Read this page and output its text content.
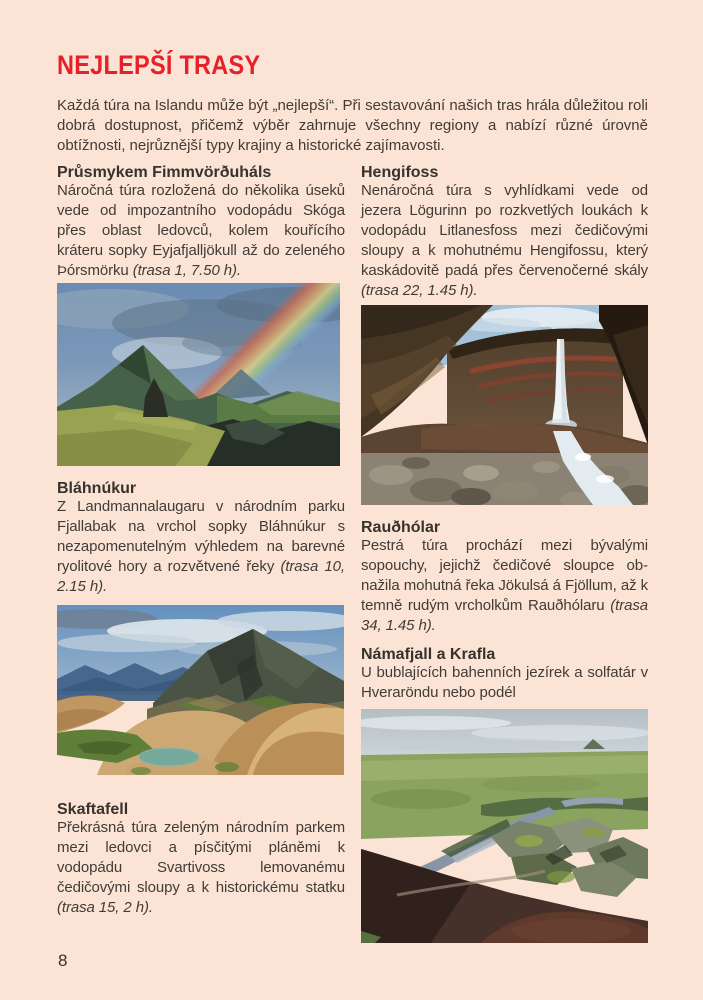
NEJLEPŠÍ TRASY

Každá túra na Islandu může být „nejlepší“. Při sestavování našich tras hrála důležitou roli dobrá dostupnost, přičemž výběr zahrnuje všechny regiony a nabízí různé úrovně obtížnosti, nejrůznější typy krajiny a historické zajímavosti.

Průsmykem Fimmvörðuháls

Náročná túra rozložená do několika úseků vede od impozantního vodopádu Skóga přes oblast ledovců, kolem kouřícího kráteru sopky Eyjafjalljökull až do zeleného Þórsmörku (trasa 1, 7.50 h).

Bláhnúkur

Z Landmannalaugaru v národním parku Fjallabak na vrchol sopky Bláhnúkur s nezapomenutelným výhledem na barevné ryolitové hory a rozvětvené řeky (trasa 10, 2.15 h).

Skaftafell

Překrásná túra zeleným národním parkem mezi ledovci a písčitými pláněmi k vodopádu Svartivoss lemovanému čedičovými sloupy a k historickému statku (trasa 15, 2 h).

Hengifoss

Nenáročná túra s vyhlídkami vede od jezera Lögurinn po rozkvetlých loukách k vodopádu Litlanesfoss mezi čedičovými sloupy a k mohutnému Hengifossu, který kaskádovitě padá přes červenočerné skály (trasa 22, 1.45 h).

Rauðhólar

Pestrá túra prochází mezi bývalými sopouchy, jejichž čedičové sloupce obnažila mohutná řeka Jökulsá á Fjöllum, až k temně rudým vrcholkům Rauðhólaru (trasa 34, 1.45 h).

Námafjall a Krafla

U bublajících bahenních jezírek a solfatár v Hveraröndu nebo podél

8
